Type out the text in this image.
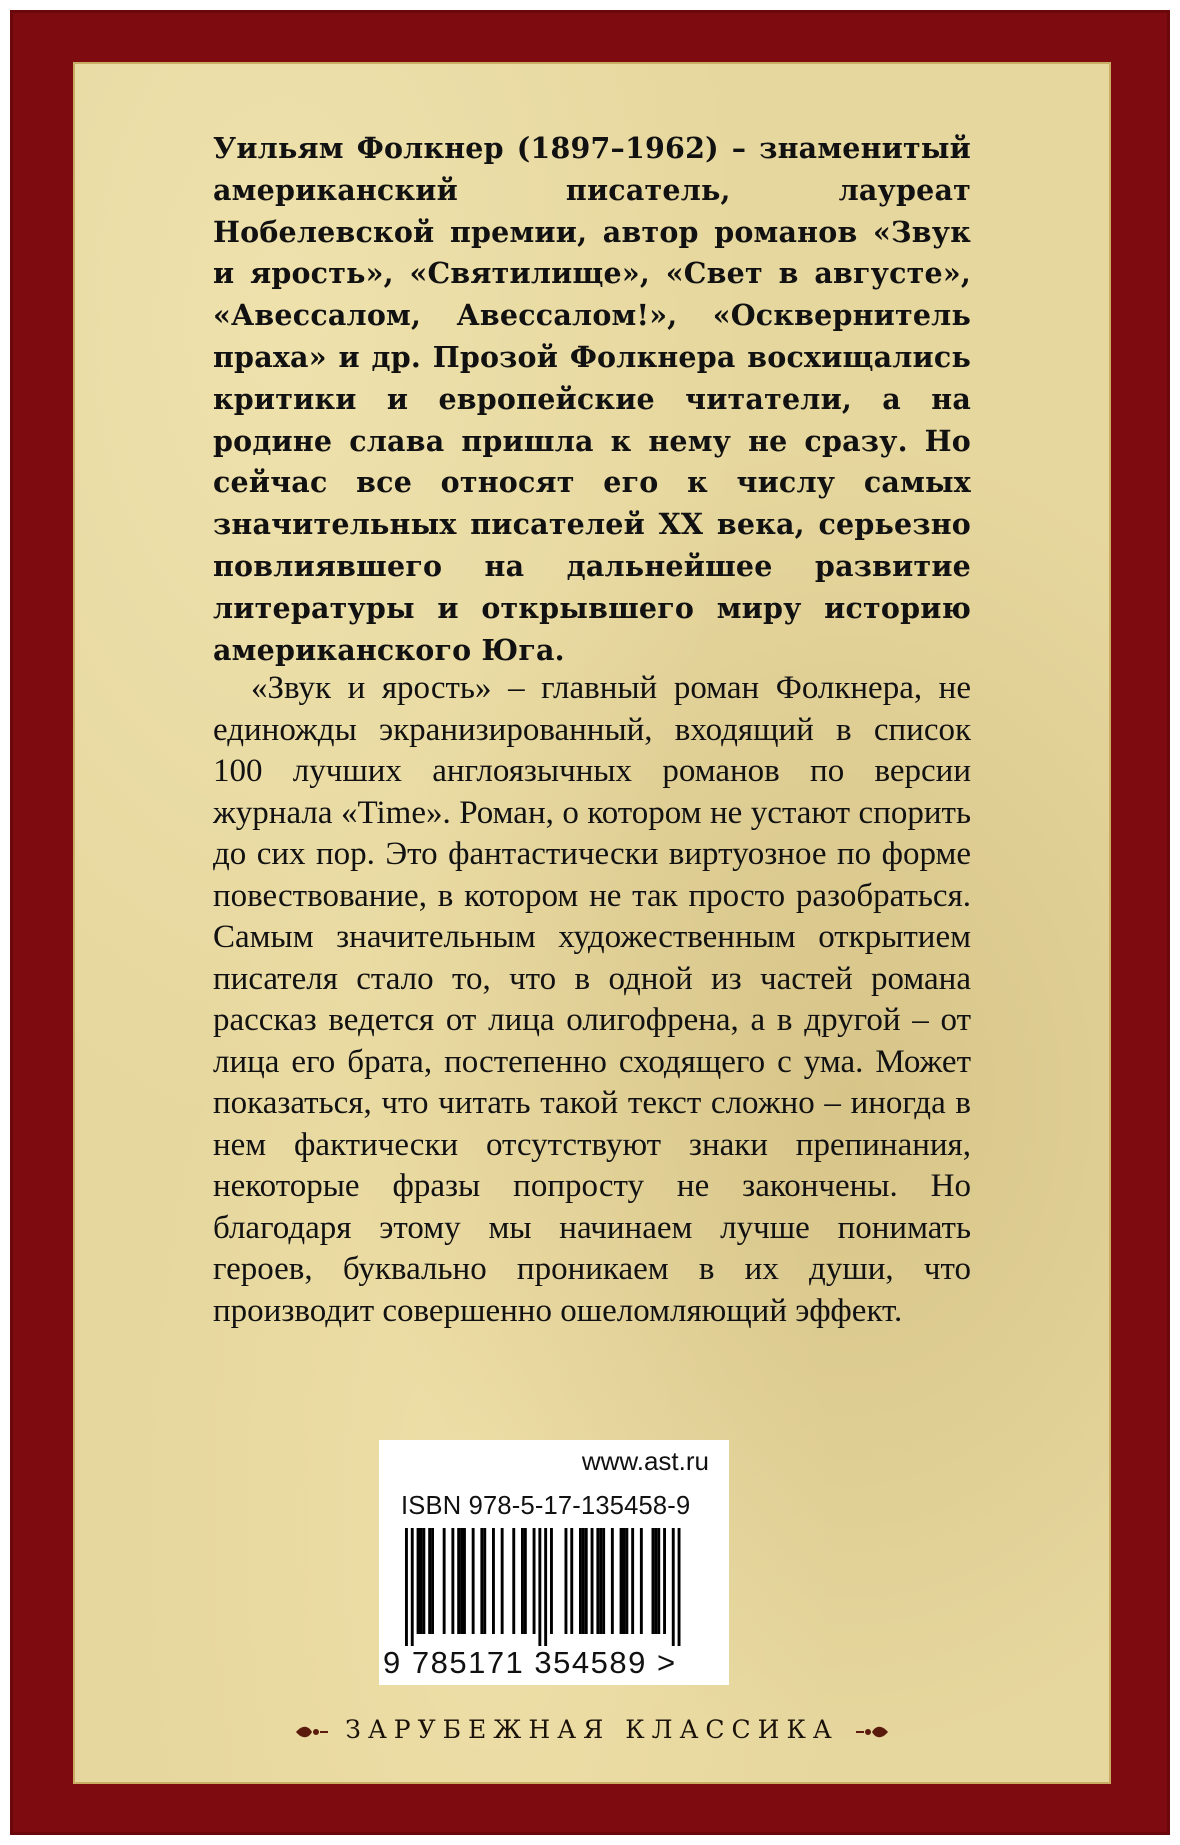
Уильям Фолкнер (1897–1962) – знаменитый американский писатель, лауреат Нобелевской премии, автор романов «Звук и ярость», «Святилище», «Свет в августе», «Авессалом, Авессалом!», «Осквернитель праха» и др. Прозой Фолкнера восхищались критики и европейские читатели, а на родине слава пришла к нему не сразу. Но сейчас все относят его к числу самых значительных писателей XX века, серьезно повлиявшего на дальнейшее развитие литературы и открывшего миру историю американского Юга.

«Звук и ярость» – главный роман Фолкнера, не единожды экранизированный, входящий в список 100 лучших англоязычных романов по версии журнала «Time». Роман, о котором не устают спорить до сих пор. Это фантастически виртуозное по форме повествование, в котором не так просто разобраться. Самым значительным художественным открытием писателя стало то, что в одной из частей романа рассказ ведется от лица олигофрена, а в другой – от лица его брата, постепенно сходящего с ума. Может показаться, что читать такой текст сложно – иногда в нем фактически отсутствуют знаки препинания, некоторые фразы попросту не закончены. Но благодаря этому мы начинаем лучше понимать героев, буквально проникаем в их души, что производит совершенно ошеломляющий эффект.

www.ast.ru
ISBN 978-5-17-135458-9
9 785171 354589 >
ЗАРУБЕЖНАЯ КЛАССИКА
